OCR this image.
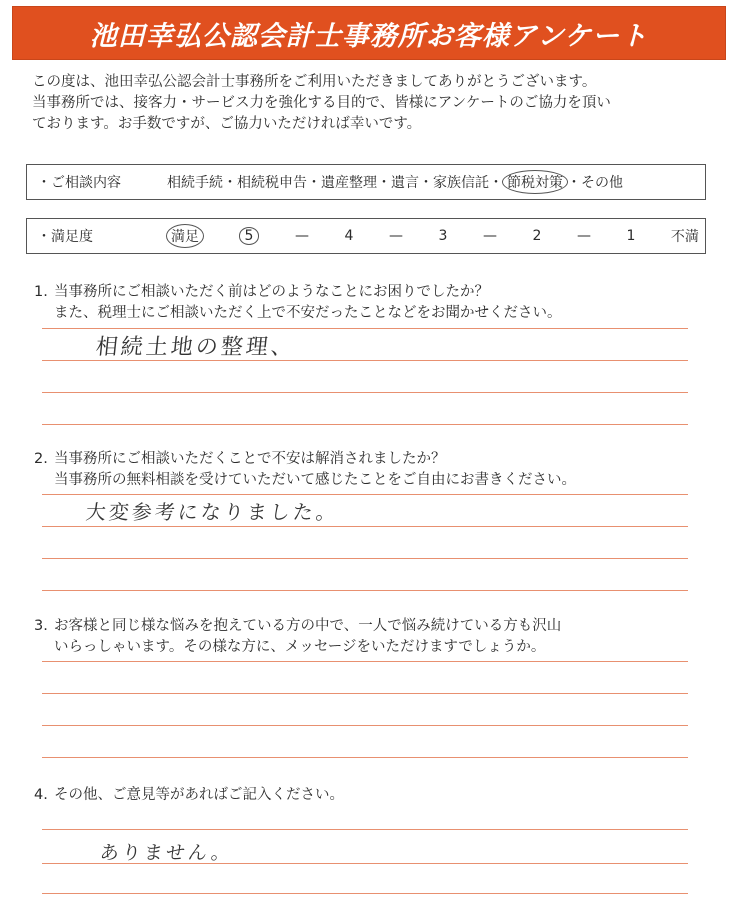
池田幸弘公認会計士事務所お客様アンケート

この度は、池田幸弘公認会計士事務所をご利用いただきましてありがとうございます。

当事務所では、接客力・サービス力を強化する目的で、皆様にアンケートのご協力を頂い

ております。お手数ですが、ご協力いただければ幸いです。

・ご相談内容	相続手続 ・ 相続税申告 ・ 遺産整理 ・ 遺言 ・ 家族信託 ・ 節税対策 ・ その他
・満足度	満足	5	—	4	—	3	—	2	—	1	不満

1. 当事務所にご相談いただく前はどのようなことにお困りでしたか？

また、税理士にご相談いただく上で不安だったことなどをお聞かせください。

相続土地の整理、

2. 当事務所にご相談いただくことで不安は解消されましたか？

当事務所の無料相談を受けていただいて感じたことをご自由にお書きください。

大変参考になりました。

3. お客様と同じ様な悩みを抱えている方の中で、一人で悩み続けている方も沢山

いらっしゃいます。その様な方に、メッセージをいただけますでしょうか。

4. その他、ご意見等があればご記入ください。

ありません。
